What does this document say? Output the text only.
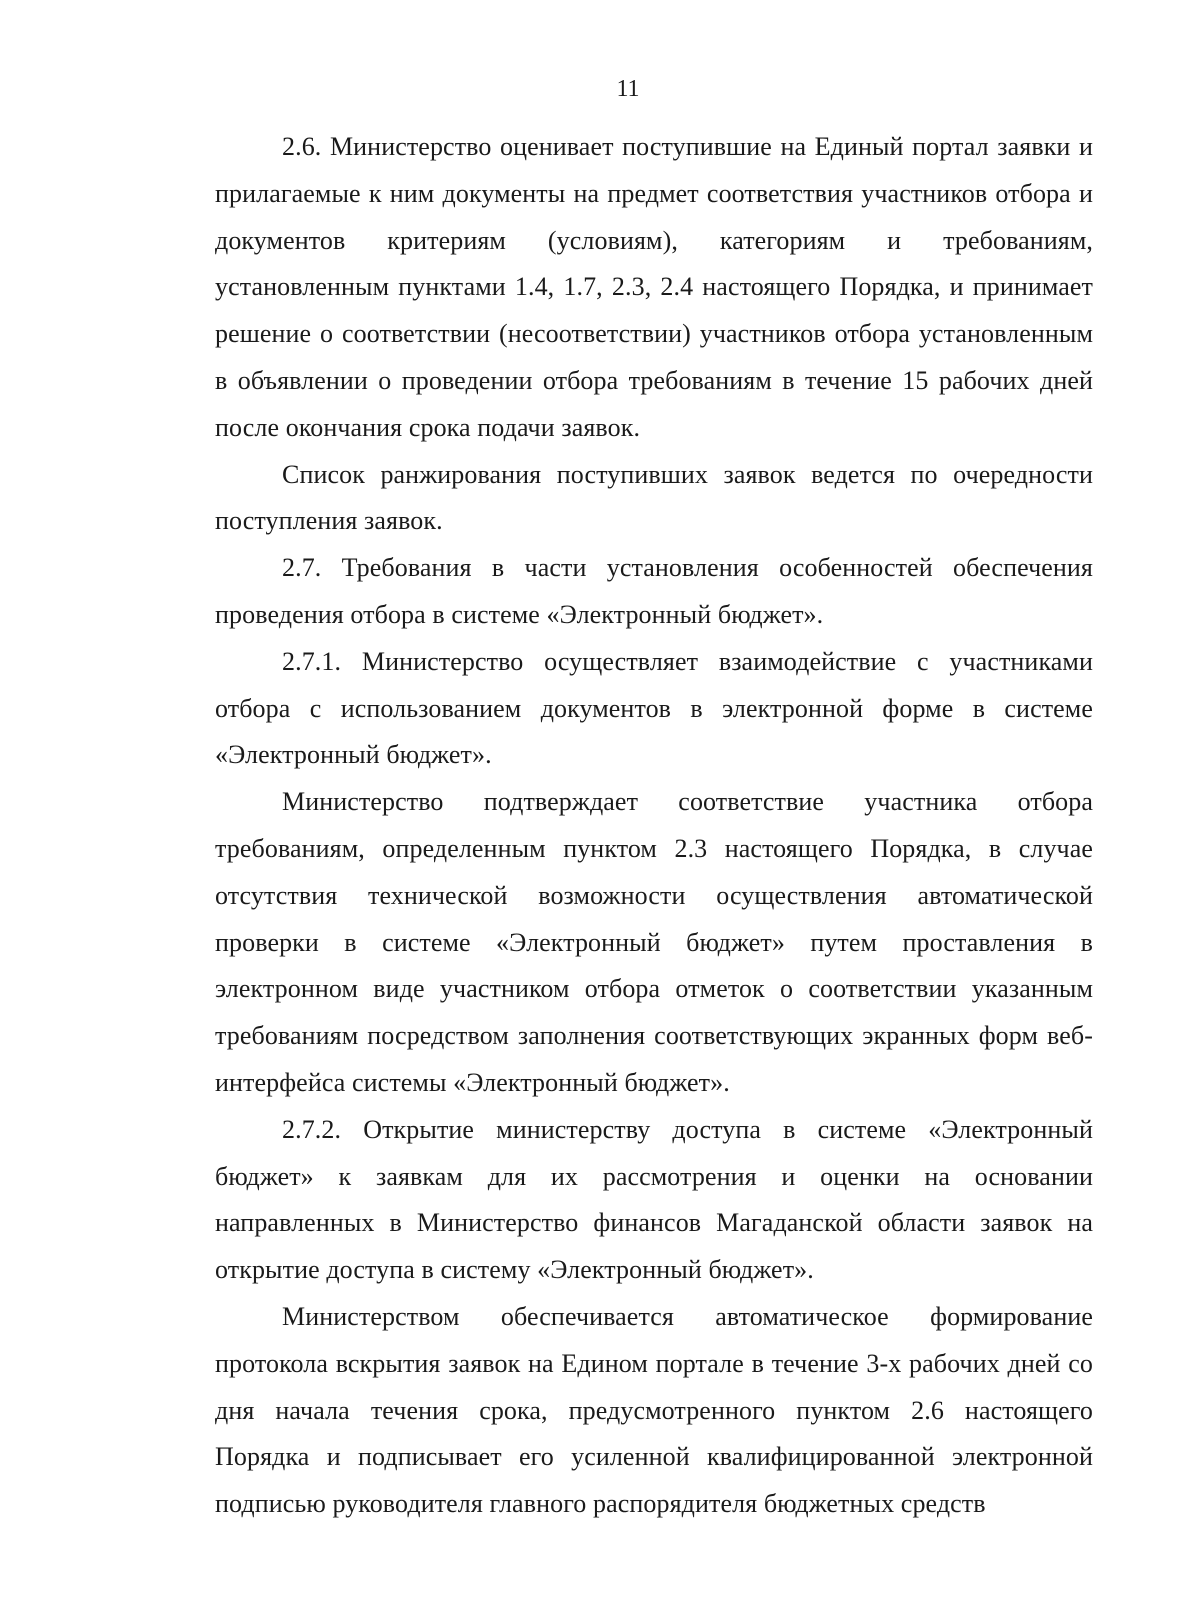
11

2.6. Министерство оценивает поступившие на Единый портал заявки и прилагаемые к ним документы на предмет соответствия участников отбора и документов критериям (условиям), категориям и требованиям, установленным пунктами 1.4, 1.7, 2.3, 2.4 настоящего Порядка, и принимает решение о соответствии (несоответствии) участников отбора установленным в объявлении о проведении отбора требованиям в течение 15 рабочих дней после окончания срока подачи заявок.

Список ранжирования поступивших заявок ведется по очередности поступления заявок.

2.7. Требования в части установления особенностей обеспечения проведения отбора в системе «Электронный бюджет».

2.7.1. Министерство осуществляет взаимодействие с участниками отбора с использованием документов в электронной форме в системе «Электронный бюджет».

Министерство подтверждает соответствие участника отбора требованиям, определенным пунктом 2.3 настоящего Порядка, в случае отсутствия технической возможности осуществления автоматической проверки в системе «Электронный бюджет» путем проставления в электронном виде участником отбора отметок о соответствии указанным требованиям посредством заполнения соответствующих экранных форм веб-интерфейса системы «Электронный бюджет».

2.7.2. Открытие министерству доступа в системе «Электронный бюджет» к заявкам для их рассмотрения и оценки на основании направленных в Министерство финансов Магаданской области заявок на открытие доступа в систему «Электронный бюджет».

Министерством обеспечивается автоматическое формирование протокола вскрытия заявок на Едином портале в течение 3-х рабочих дней со дня начала течения срока, предусмотренного пунктом 2.6 настоящего Порядка и подписывает его усиленной квалифицированной электронной подписью руководителя главного распорядителя бюджетных средств
